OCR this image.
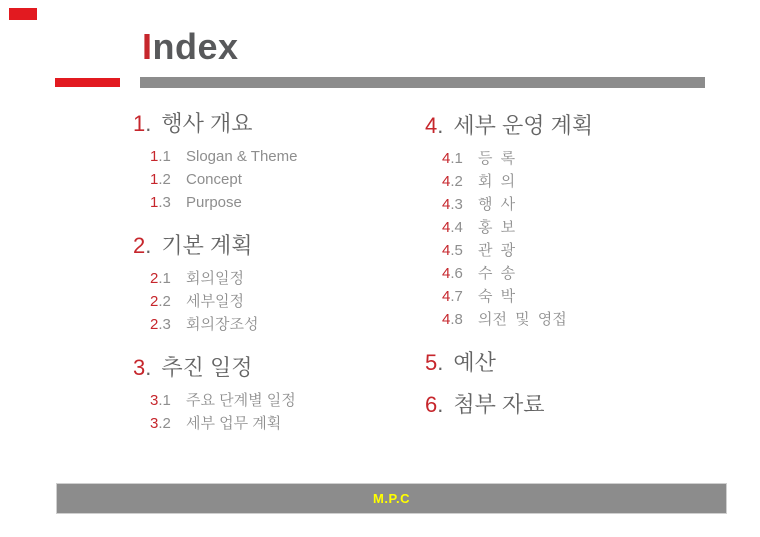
Index
1. 행사 개요
1.1 Slogan & Theme
1.2 Concept
1.3 Purpose
2. 기본 계획
2.1 회의일정
2.2 세부일정
2.3 회의장조성
3. 추진 일정
3.1 주요 단계별 일정
3.2 세부 업무 계획
4. 세부 운영 계획
4.1 등 록
4.2 회 의
4.3 행 사
4.4 홍 보
4.5 관 광
4.6 수 송
4.7 숙 박
4.8 의전 및 영접
5. 예산
6. 첨부 자료
M.P.C
